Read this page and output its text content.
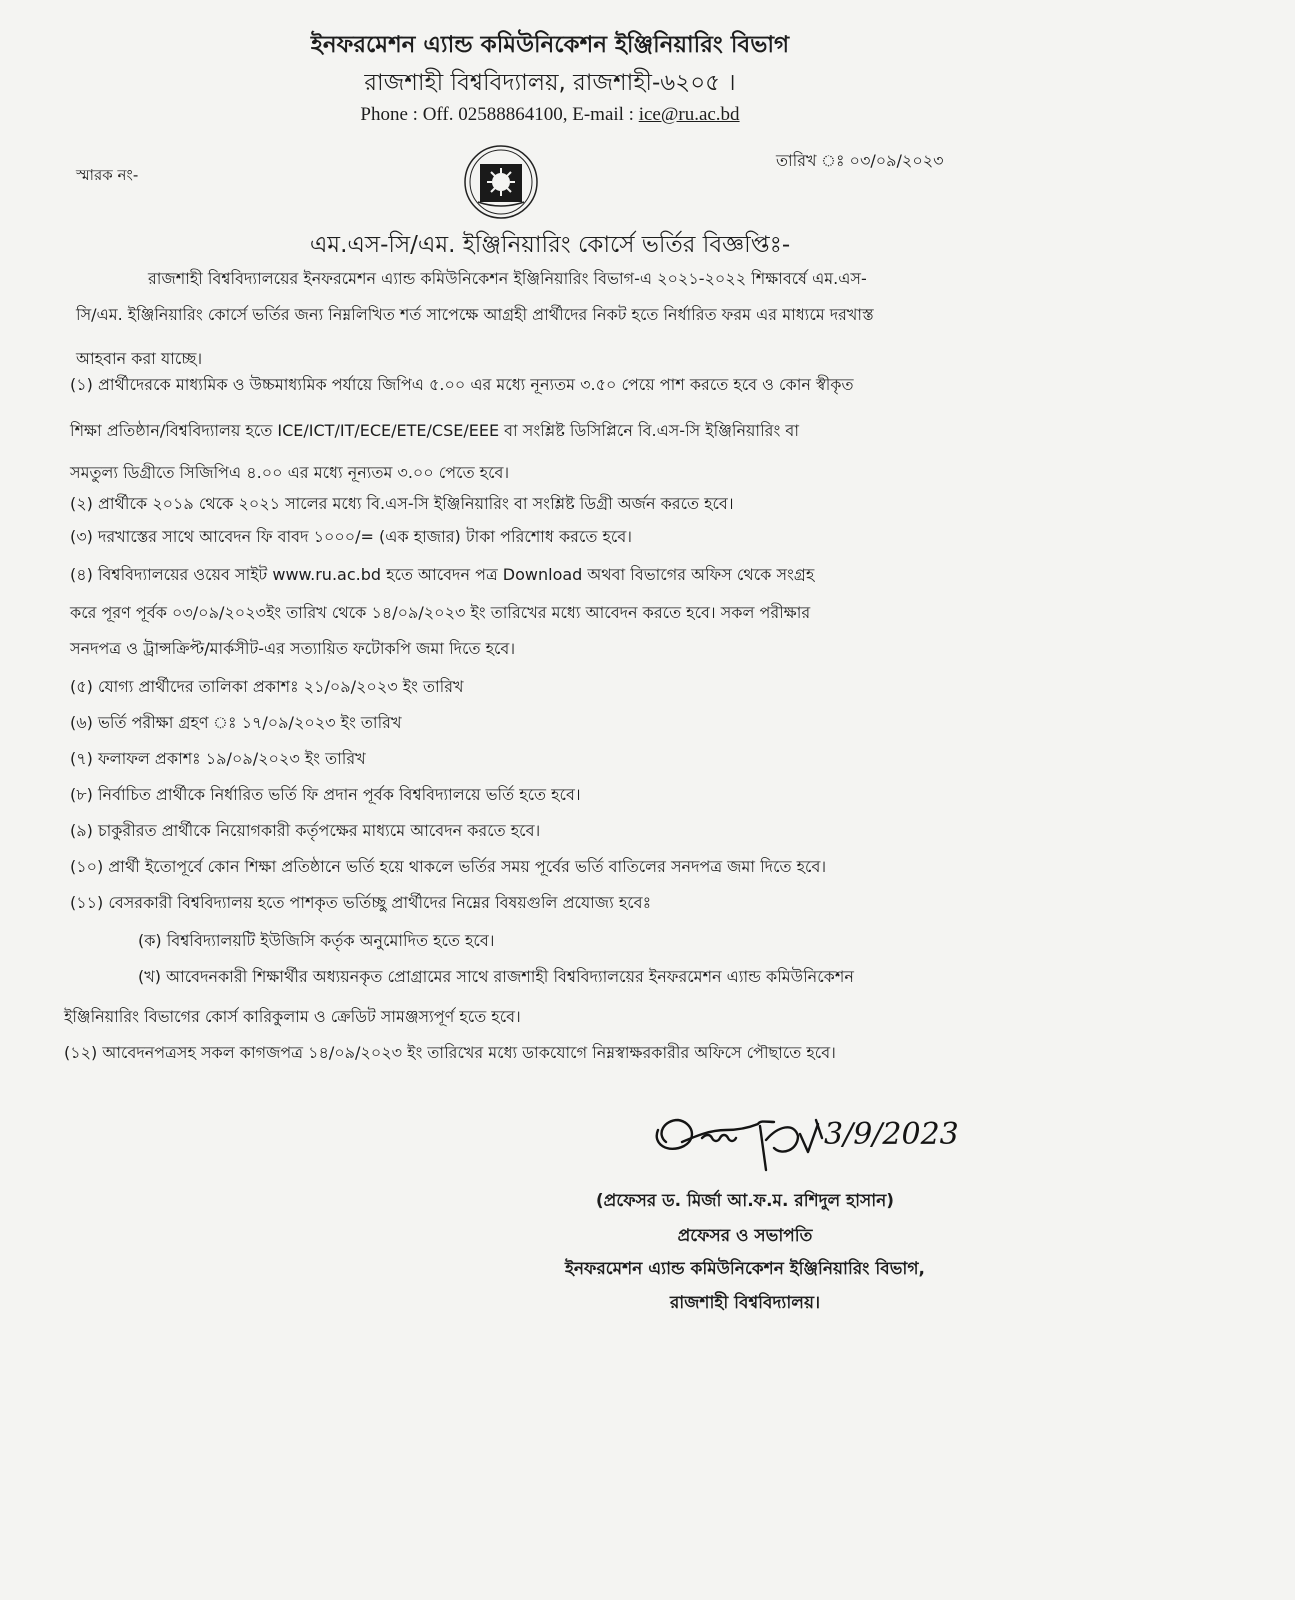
ইনফরমেশন এ্যান্ড কমিউনিকেশন ইঞ্জিনিয়ারিং বিভাগ
রাজশাহী বিশ্ববিদ্যালয়, রাজশাহী-৬২০৫ ।
Phone : Off. 02588864100, E-mail : ice@ru.ac.bd
স্মারক নং-
তারিখ ঃ ০৩/০৯/২০২৩
এম.এস-সি/এম. ইঞ্জিনিয়ারিং কোর্সে ভর্তির বিজ্ঞপ্তিঃ-
রাজশাহী বিশ্ববিদ্যালয়ের ইনফরমেশন এ্যান্ড কমিউনিকেশন ইঞ্জিনিয়ারিং বিভাগ-এ ২০২১-২০২২ শিক্ষাবর্ষে এম.এস-
সি/এম. ইঞ্জিনিয়ারিং কোর্সে ভর্তির জন্য নিম্নলিখিত শর্ত সাপেক্ষে আগ্রহী প্রার্থীদের নিকট হতে নির্ধারিত ফরম এর মাধ্যমে দরখাস্ত
আহবান করা যাচ্ছে।
(১) প্রার্থীদেরকে মাধ্যমিক ও উচ্চমাধ্যমিক পর্যায়ে জিপিএ ৫.০০ এর মধ্যে নূন্যতম ৩.৫০ পেয়ে পাশ করতে হবে ও কোন স্বীকৃত
শিক্ষা প্রতিষ্ঠান/বিশ্ববিদ্যালয় হতে ICE/ICT/IT/ECE/ETE/CSE/EEE বা সংশ্লিষ্ট ডিসিপ্লিনে বি.এস-সি ইঞ্জিনিয়ারিং বা
সমতুল্য ডিগ্রীতে সিজিপিএ ৪.০০ এর মধ্যে নূন্যতম ৩.০০ পেতে হবে।
(২) প্রার্থীকে ২০১৯ থেকে ২০২১ সালের মধ্যে বি.এস-সি ইঞ্জিনিয়ারিং বা সংশ্লিষ্ট ডিগ্রী অর্জন করতে হবে।
(৩) দরখাস্তের সাথে আবেদন ফি বাবদ ১০০০/= (এক হাজার) টাকা পরিশোধ করতে হবে।
(৪) বিশ্ববিদ্যালয়ের ওয়েব সাইট www.ru.ac.bd হতে আবেদন পত্র Download অথবা বিভাগের অফিস থেকে সংগ্রহ
করে পূরণ পূর্বক ০৩/০৯/২০২৩ইং তারিখ থেকে ১৪/০৯/২০২৩ ইং তারিখের মধ্যে আবেদন করতে হবে। সকল পরীক্ষার
সনদপত্র ও ট্রান্সক্রিপ্ট/মার্কসীট-এর সত্যায়িত ফটোকপি জমা দিতে হবে।
(৫) যোগ্য প্রার্থীদের তালিকা প্রকাশঃ ২১/০৯/২০২৩ ইং তারিখ
(৬) ভর্তি পরীক্ষা গ্রহণ ঃ ১৭/০৯/২০২৩ ইং তারিখ
(৭) ফলাফল প্রকাশঃ ১৯/০৯/২০২৩ ইং তারিখ
(৮) নির্বাচিত প্রার্থীকে নির্ধারিত ভর্তি ফি প্রদান পূর্বক বিশ্ববিদ্যালয়ে ভর্তি হতে হবে।
(৯) চাকুরীরত প্রার্থীকে নিয়োগকারী কর্তৃপক্ষের মাধ্যমে আবেদন করতে হবে।
(১০) প্রার্থী ইতোপূর্বে কোন শিক্ষা প্রতিষ্ঠানে ভর্তি হয়ে থাকলে ভর্তির সময় পূর্বের ভর্তি বাতিলের সনদপত্র জমা দিতে হবে।
(১১) বেসরকারী বিশ্ববিদ্যালয় হতে পাশকৃত ভর্তিচ্ছু প্রার্থীদের নিম্নের বিষয়গুলি প্রযোজ্য হবেঃ
(ক) বিশ্ববিদ্যালয়টি ইউজিসি কর্তৃক অনুমোদিত হতে হবে।
(খ) আবেদনকারী শিক্ষার্থীর অধ্যয়নকৃত প্রোগ্রামের সাথে রাজশাহী বিশ্ববিদ্যালয়ের ইনফরমেশন এ্যান্ড কমিউনিকেশন
ইঞ্জিনিয়ারিং বিভাগের কোর্স কারিকুলাম ও ক্রেডিট সামঞ্জস্যপূর্ণ হতে হবে।
(১২) আবেদনপত্রসহ সকল কাগজপত্র ১৪/০৯/২০২৩ ইং তারিখের মধ্যে ডাকযোগে নিম্নস্বাক্ষরকারীর অফিসে পৌছাতে হবে।
3/9/2023
(প্রফেসর ড. মির্জা আ.ফ.ম. রশিদুল হাসান)
প্রফেসর ও সভাপতি
ইনফরমেশন এ্যান্ড কমিউনিকেশন ইঞ্জিনিয়ারিং বিভাগ,
রাজশাহী বিশ্ববিদ্যালয়।
